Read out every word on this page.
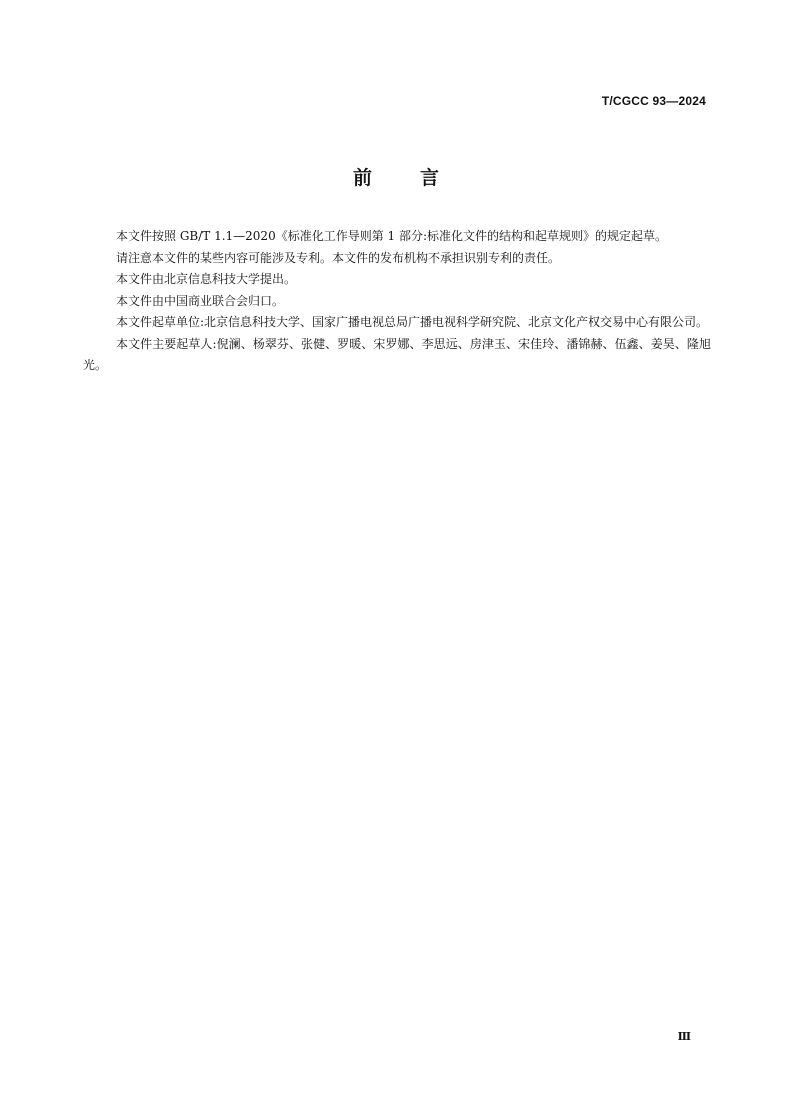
T/CGCC 93—2024
前	言

本文件按照 GB/T 1.1—2020《标准化工作导则第 1 部分:标准化文件的结构和起草规则》的规定起草。

请注意本文件的某些内容可能涉及专利。本文件的发布机构不承担识别专利的责任。

本文件由北京信息科技大学提出。

本文件由中国商业联合会归口。

本文件起草单位:北京信息科技大学、国家广播电视总局广播电视科学研究院、北京文化产权交易中心有限公司。

本文件主要起草人:倪澜、杨翠芬、张健、罗暖、宋罗娜、李思远、房津玉、宋佳玲、潘锦赫、伍鑫、姜昊、隆旭光。

Ⅲ
